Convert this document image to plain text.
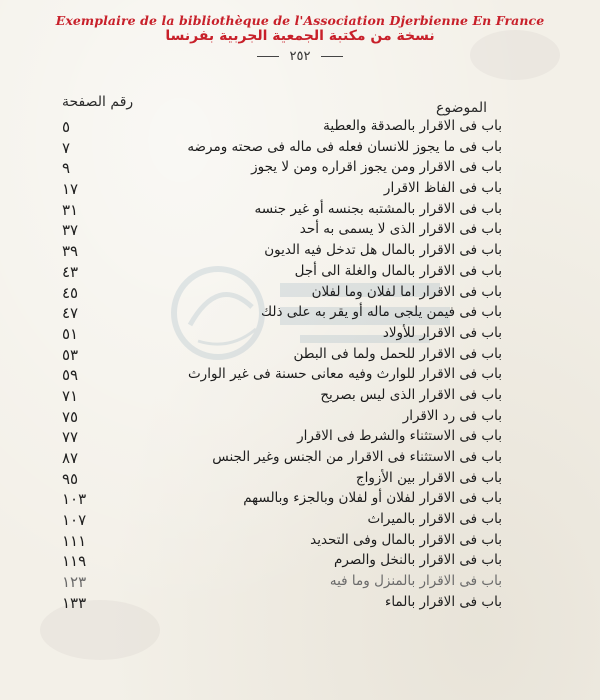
Exemplaire de la bibliothèque de l'Association Djerbienne En France
نسخة من مكتبة الجمعية الجربية بفرنسا
٢٥٢
رقم الصفحة	الموضوع
٥	باب فى الاقرار بالصدقة والعطية
٧	باب فى ما يجوز للانسان فعله فى ماله فى صحته ومرضه
٩	باب فى الاقرار ومن يجوز اقراره ومن لا يجوز
١٧	باب فى الفاظ الاقرار
٣١	باب فى الاقرار بالمشتبه بجنسه أو غير جنسه
٣٧	باب فى الاقرار الذى لا يسمى به أحد
٣٩	باب فى الاقرار بالمال هل تدخل فيه الديون
٤٣	باب فى الاقرار بالمال والغلة الى أجل
٤٥	باب فى الاقرار اما لفلان وما لفلان
٤٧	باب فى فيمن يلجى ماله أو يقر به على ذلك
٥١	باب فى الاقرار للأولاد
٥٣	باب فى الاقرار للحمل ولما فى البطن
٥٩	باب فى الاقرار للوارث وفيه معانى حسنة فى غير الوارث
٧١	باب فى الاقرار الذى ليس بصريح
٧٥	باب فى رد الاقرار
٧٧	باب فى الاستثناء والشرط فى الاقرار
٨٧	باب فى الاستثناء فى الاقرار من الجنس وغير الجنس
٩٥	باب فى الاقرار بين الأزواج
١٠٣	باب فى الاقرار لفلان أو لفلان وبالجزء وبالسهم
١٠٧	باب فى الاقرار بالميراث
١١١	باب فى الاقرار بالمال وفى التحديد
١١٩	باب فى الاقرار بالنخل والصرم
١٢٣	باب فى الاقرار بالمنزل وما فيه
١٣٣	باب فى الاقرار بالماء
